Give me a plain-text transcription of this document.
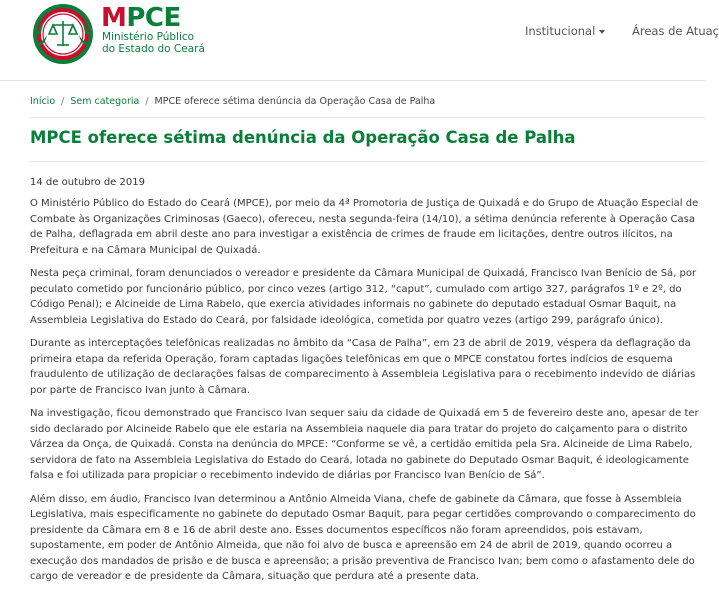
MPCE
Ministério Público
do Estado do Ceará
Institucional	Áreas de Atuaç
Início / Sem categoria / MPCE oferece sétima denúncia da Operação Casa de Palha
MPCE oferece sétima denúncia da Operação Casa de Palha
14 de outubro de 2019

O Ministério Público do Estado do Ceará (MPCE), por meio da 4ª Promotoria de Justiça de Quixadá e do Grupo de Atuação Especial de Combate às Organizações Criminosas (Gaeco), ofereceu, nesta segunda-feira (14/10), a sétima denúncia referente à Operação Casa de Palha, deflagrada em abril deste ano para investigar a existência de crimes de fraude em licitações, dentre outros ilícitos, na Prefeitura e na Câmara Municipal de Quixadá.

Nesta peça criminal, foram denunciados o vereador e presidente da Câmara Municipal de Quixadá, Francisco Ivan Benício de Sá, por peculato cometido por funcionário público, por cinco vezes (artigo 312, “caput”, cumulado com artigo 327, parágrafos 1º e 2º, do Código Penal); e Alcineide de Lima Rabelo, que exercia atividades informais no gabinete do deputado estadual Osmar Baquit, na Assembleia Legislativa do Estado do Ceará, por falsidade ideológica, cometida por quatro vezes (artigo 299, parágrafo único).

Durante as interceptações telefônicas realizadas no âmbito da “Casa de Palha”, em 23 de abril de 2019, véspera da deflagração da primeira etapa da referida Operação, foram captadas ligações telefônicas em que o MPCE constatou fortes indícios de esquema fraudulento de utilização de declarações falsas de comparecimento à Assembleia Legislativa para o recebimento indevido de diárias por parte de Francisco Ivan junto à Câmara.

Na investigação, ficou demonstrado que Francisco Ivan sequer saiu da cidade de Quixadá em 5 de fevereiro deste ano, apesar de ter sido declarado por Alcineide Rabelo que ele estaria na Assembleia naquele dia para tratar do projeto do calçamento para o distrito Várzea da Onça, de Quixadá. Consta na denúncia do MPCE: “Conforme se vê, a certidão emitida pela Sra. Alcineide de Lima Rabelo, servidora de fato na Assembleia Legislativa do Estado do Ceará, lotada no gabinete do Deputado Osmar Baquit, é ideologicamente falsa e foi utilizada para propiciar o recebimento indevido de diárias por Francisco Ivan Benício de Sá”.

Além disso, em áudio, Francisco Ivan determinou a Antônio Almeida Viana, chefe de gabinete da Câmara, que fosse à Assembleia Legislativa, mais especificamente no gabinete do deputado Osmar Baquit, para pegar certidões comprovando o comparecimento do presidente da Câmara em 8 e 16 de abril deste ano. Esses documentos específicos não foram apreendidos, pois estavam, supostamente, em poder de Antônio Almeida, que não foi alvo de busca e apreensão em 24 de abril de 2019, quando ocorreu a execução dos mandados de prisão e de busca e apreensão; a prisão preventiva de Francisco Ivan; bem como o afastamento dele do cargo de vereador e de presidente da Câmara, situação que perdura até a presente data.
